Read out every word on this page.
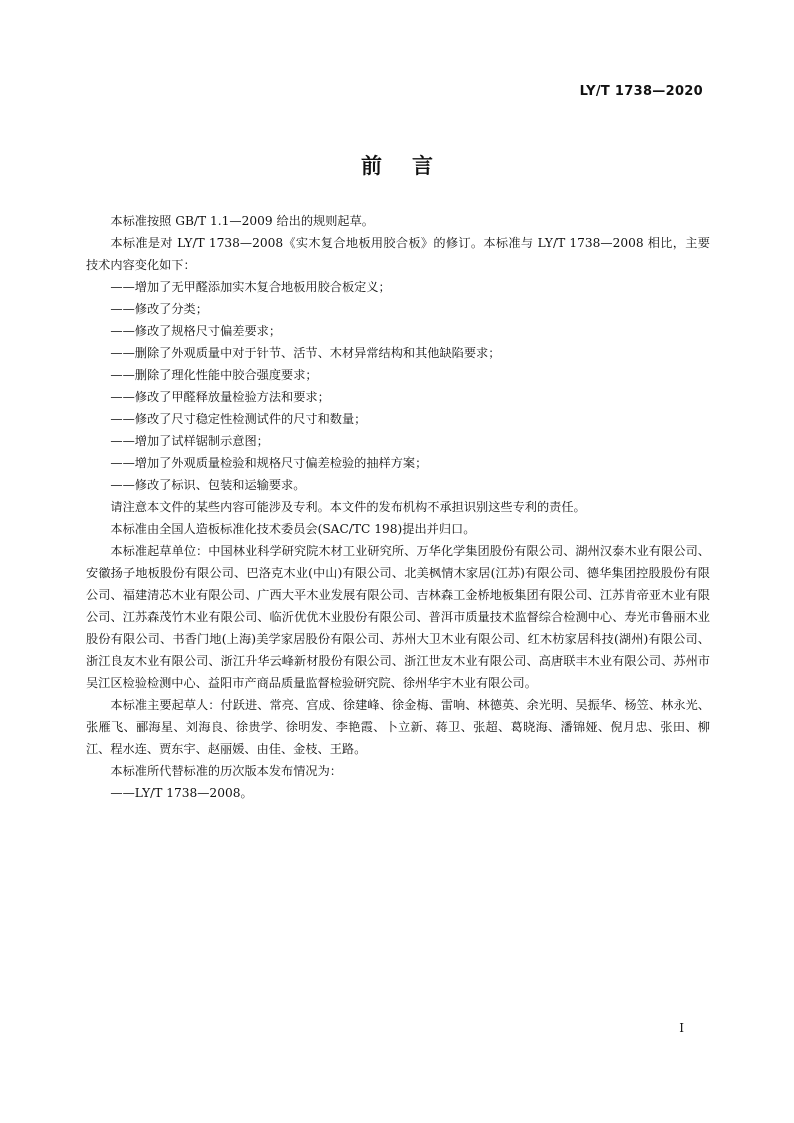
LY/T 1738—2020
前言

本标准按照 GB/T 1.1—2009 给出的规则起草。

本标准是对 LY/T 1738—2008《实木复合地板用胶合板》的修订。本标准与 LY/T 1738—2008 相比，主要技术内容变化如下：

——增加了无甲醛添加实木复合地板用胶合板定义；
——修改了分类；
——修改了规格尺寸偏差要求；
——删除了外观质量中对于针节、活节、木材异常结构和其他缺陷要求；
——删除了理化性能中胶合强度要求；
——修改了甲醛释放量检验方法和要求；
——修改了尺寸稳定性检测试件的尺寸和数量；
——增加了试样锯制示意图；
——增加了外观质量检验和规格尺寸偏差检验的抽样方案；
——修改了标识、包装和运输要求。

请注意本文件的某些内容可能涉及专利。本文件的发布机构不承担识别这些专利的责任。

本标准由全国人造板标准化技术委员会(SAC/TC 198)提出并归口。

本标准起草单位：中国林业科学研究院木材工业研究所、万华化学集团股份有限公司、湖州汉泰木业有限公司、安徽扬子地板股份有限公司、巴洛克木业(中山)有限公司、北美枫情木家居(江苏)有限公司、德华集团控股股份有限公司、福建清芯木业有限公司、广西大平木业发展有限公司、吉林森工金桥地板集团有限公司、江苏肯帝亚木业有限公司、江苏森茂竹木业有限公司、临沂优优木业股份有限公司、普洱市质量技术监督综合检测中心、寿光市鲁丽木业股份有限公司、书香门地(上海)美学家居股份有限公司、苏州大卫木业有限公司、红木枋家居科技(湖州)有限公司、浙江良友木业有限公司、浙江升华云峰新材股份有限公司、浙江世友木业有限公司、高唐联丰木业有限公司、苏州市吴江区检验检测中心、益阳市产商品质量监督检验研究院、徐州华宇木业有限公司。

本标准主要起草人：付跃进、常亮、宫成、徐建峰、徐金梅、雷响、林德英、余光明、吴振华、杨笠、林永光、张雁飞、郦海星、刘海良、徐贵学、徐明发、李艳霞、卜立新、蒋卫、张超、葛晓海、潘锦娅、倪月忠、张田、柳江、程水连、贾东宇、赵丽媛、由佳、金枝、王路。

本标准所代替标准的历次版本发布情况为：

——LY/T 1738—2008。
I
